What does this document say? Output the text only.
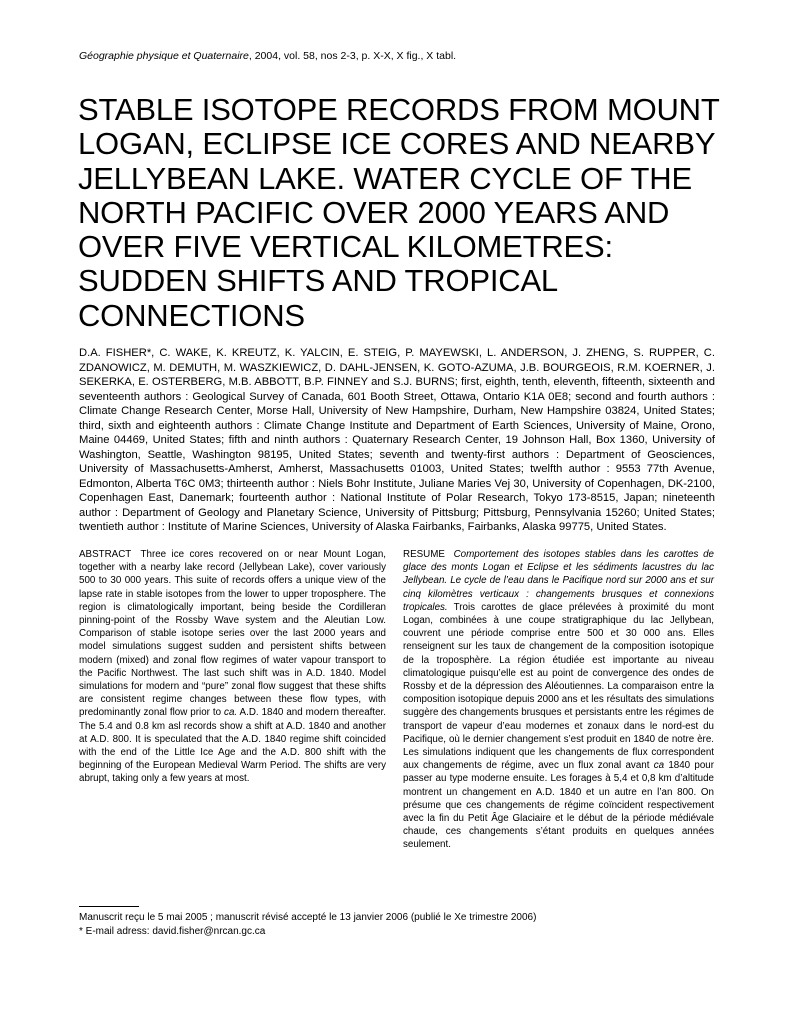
Géographie physique et Quaternaire, 2004, vol. 58, nos 2-3, p. X-X, X fig., X tabl.
STABLE ISOTOPE RECORDS FROM MOUNT LOGAN, ECLIPSE ICE CORES AND NEARBY JELLYBEAN LAKE. WATER CYCLE OF THE NORTH PACIFIC OVER 2000 YEARS AND OVER FIVE VERTICAL KILOMETRES: SUDDEN SHIFTS AND TROPICAL CONNECTIONS

D.A. FISHER*, C. WAKE, K. KREUTZ, K. YALCIN, E. STEIG, P. MAYEWSKI, L. ANDERSON, J. ZHENG, S. RUPPER, C. ZDANOWICZ, M. DEMUTH, M. WASZKIEWICZ, D. DAHL-JENSEN, K. GOTO-AZUMA, J.B. BOURGEOIS, R.M. KOERNER, J. SEKERKA, E. OSTERBERG, M.B. ABBOTT, B.P. FINNEY and S.J. BURNS; first, eighth, tenth, eleventh, fifteenth, sixteenth and seventeenth authors : Geological Survey of Canada, 601 Booth Street, Ottawa, Ontario K1A 0E8; second and fourth authors : Climate Change Research Center, Morse Hall, University of New Hampshire, Durham, New Hampshire 03824, United States; third, sixth and eighteenth authors : Climate Change Institute and Department of Earth Sciences, University of Maine, Orono, Maine 04469, United States; fifth and ninth authors : Quaternary Research Center, 19 Johnson Hall, Box 1360, University of Washington, Seattle, Washington 98195, United States; seventh and twenty-first authors : Department of Geosciences, University of Massachusetts-Amherst, Amherst, Massachusetts 01003, United States; twelfth author : 9553 77th Avenue, Edmonton, Alberta T6C 0M3; thirteenth author : Niels Bohr Institute, Juliane Maries Vej 30, University of Copenhagen, DK-2100, Copenhagen East, Danemark; fourteenth author : National Institute of Polar Research, Tokyo 173-8515, Japan; nineteenth author : Department of Geology and Planetary Science, University of Pittsburg; Pittsburg, Pennsylvania 15260; United States; twentieth author : Institute of Marine Sciences, University of Alaska Fairbanks, Fairbanks, Alaska 99775, United States.

ABSTRACT Three ice cores recovered on or near Mount Logan, together with a nearby lake record (Jellybean Lake), cover variously 500 to 30 000 years. This suite of records offers a unique view of the lapse rate in stable isotopes from the lower to upper troposphere. The region is climatologically important, being beside the Cordilleran pinning-point of the Rossby Wave system and the Aleutian Low. Comparison of stable isotope series over the last 2000 years and model simulations suggest sudden and persistent shifts between modern (mixed) and zonal flow regimes of water vapour transport to the Pacific Northwest. The last such shift was in A.D. 1840. Model simulations for modern and “pure” zonal flow suggest that these shifts are consistent regime changes between these flow types, with predominantly zonal flow prior to ca. A.D. 1840 and modern thereafter. The 5.4 and 0.8 km asl records show a shift at A.D. 1840 and another at A.D. 800. It is speculated that the A.D. 1840 regime shift coincided with the end of the Little Ice Age and the A.D. 800 shift with the beginning of the European Medieval Warm Period. The shifts are very abrupt, taking only a few years at most.

RESUME Comportement des isotopes stables dans les carottes de glace des monts Logan et Eclipse et les sédiments lacustres du lac Jellybean. Le cycle de l’eau dans le Pacifique nord sur 2000 ans et sur cinq kilomètres verticaux : changements brusques et connexions tropicales. Trois carottes de glace prélevées à proximité du mont Logan, combinées à une coupe stratigraphique du lac Jellybean, couvrent une période comprise entre 500 et 30 000 ans. Elles renseignent sur les taux de changement de la composition isotopique de la troposphère. La région étudiée est importante au niveau climatologique puisqu’elle est au point de convergence des ondes de Rossby et de la dépression des Aléoutiennes. La comparaison entre la composition isotopique depuis 2000 ans et les résultats des simulations suggère des changements brusques et persistants entre les régimes de transport de vapeur d’eau modernes et zonaux dans le nord-est du Pacifique, où le dernier changement s’est produit en 1840 de notre ère. Les simulations indiquent que les changements de flux correspondent aux changements de régime, avec un flux zonal avant ca 1840 pour passer au type moderne ensuite. Les forages à 5,4 et 0,8 km d’altitude montrent un changement en A.D. 1840 et un autre en l’an 800. On présume que ces changements de régime coïncident respectivement avec la fin du Petit Âge Glaciaire et le début de la période médiévale chaude, ces changements s’étant produits en quelques années seulement.

Manuscrit reçu le 5 mai 2005 ; manuscrit révisé accepté le 13 janvier 2006 (publié le Xe trimestre 2006)
* E-mail adress: david.fisher@nrcan.gc.ca
